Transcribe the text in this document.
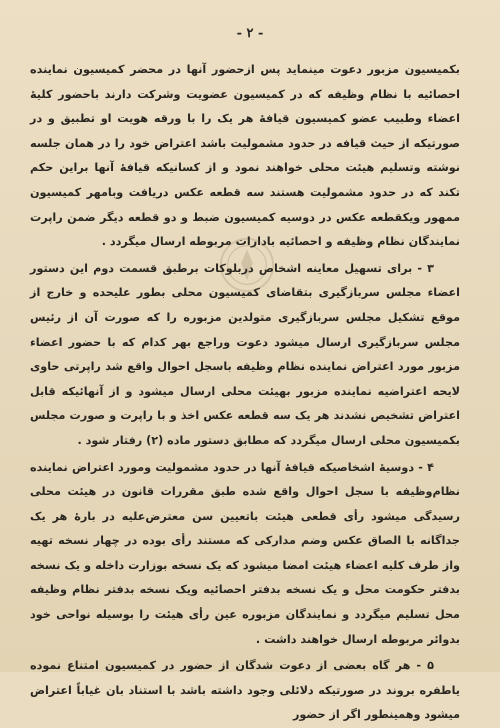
- ۲ -

بکمیسیون مزبور دعوت مینماید پس ازحضور آنها در محضر کمیسیون نماینده احصائیه با نظام وظیفه که در کمیسیون عضویت وشرکت دارند باحضور کلیهٔ اعضاء وطبیب عضو کمیسیون قیافهٔ هر یک را با ورقه هویت او تطبیق و در صورتیکه از حیث قیافه در حدود مشمولیت باشد اعتراض خود را در همان جلسه نوشته وتسلیم هیئت محلی خواهند نمود و از کسانیکه قیافهٔ آنها براین حکم تکند که در حدود مشمولیت هستند سه قطعه عکس دریافت وبامهر کمیسیون ممهور ویکقطعه عکس در دوسیه کمیسیون ضبط و دو قطعه دیگر ضمن راپرت نمایندگان نظام وظیفه و احصائیه بادارات مربوطه ارسال میگردد .

۳ - برای تسهیل معاینه اشخاص دربلوکات برطبق قسمت دوم این دستور اعضاء مجلس سربازگیری بتقاضای کمیسیون محلی بطور علیحده و خارج از موقع تشکیل مجلس سربازگیری متولدین مزبوره را که صورت آن از رئیس مجلس سربازگیری ارسال میشود دعوت وراجع بهر کدام که با حضور اعضاء مزبور مورد اعتراض نماینده نظام وظیفه باسجل احوال واقع شد راپرتی حاوی لایحه اعتراضیه نماینده مزبور بهیئت محلی ارسال میشود و از آنهائیکه قابل اعتراض تشخیص نشدند هر یک سه قطعه عکس اخذ و با راپرت و صورت مجلس بکمیسیون محلی ارسال میگردد که مطابق دستور ماده (۲) رفتار شود .

۴ - دوسیهٔ اشخاصیکه قیافهٔ آنها در حدود مشمولیت ومورد اعتراض نماینده نظام‌وظیفه با سجل احوال واقع شده طبق مقررات قانون در هیئت محلی رسیدگی میشود رأی قطعی هیئت باتعیین سن معترض‌علیه در بارهٔ هر یک جداگانه با الصاق عکس وضم مدارکی که مستند رأی بوده در چهار نسخه تهیه واز طرف کلیه اعضاء هیئت امضا میشود که یک نسخه بوزارت داخله و یک نسخه بدفتر حکومت محل و یک نسخه بدفتر احصائیه ویک نسخه بدفتر نظام وظیفه محل تسلیم میگردد و نمایندگان مزبوره عین رأی هیئت را بوسیله نواحی خود بدوائر مربوطه ارسال خواهند داشت .

۵ - هر گاه بعضی از دعوت شدگان از حضور در کمیسیون امتناع نموده یاطفره بروند در صورتیکه دلائلی وجود داشته باشد با استناد بان غیاباً اعتراض میشود وهمینطور اگر از حضور
